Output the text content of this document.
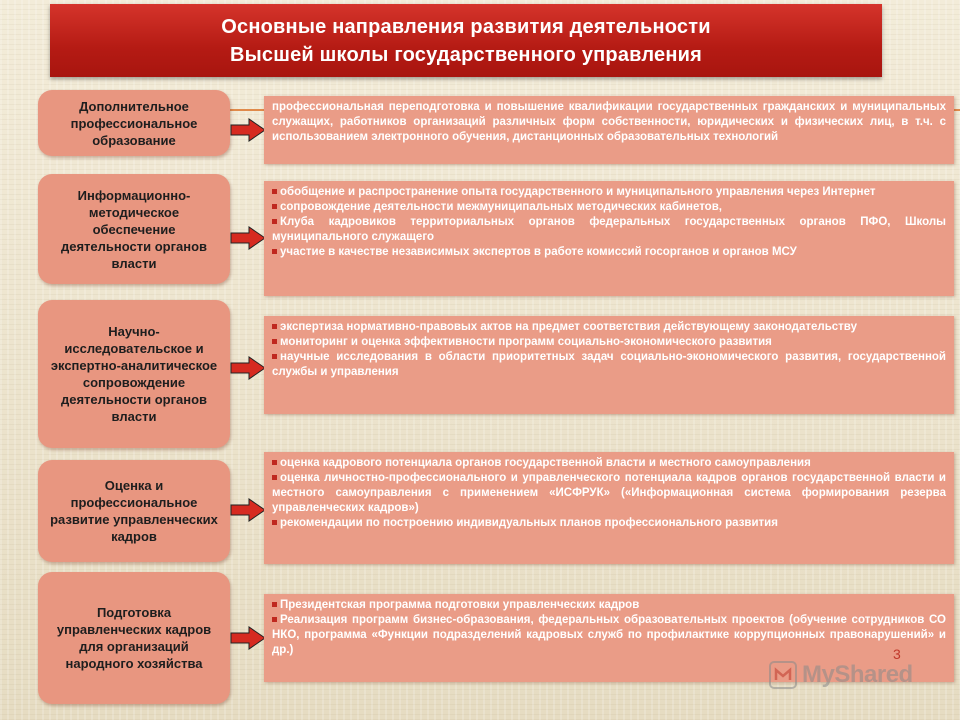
Основные направления развития деятельности
Высшей школы государственного управления
Дополнительное профессиональное образование

профессиональная переподготовка и повышение квалификации государственных гражданских и муниципальных служащих, работников организаций различных форм собственности, юридических и физических лиц, в т.ч. с использованием электронного обучения, дистанционных образовательных технологий

Информационно-методическое обеспечение деятельности органов власти
обобщение и распространение опыта государственного и муниципального управления через Интернет
сопровождение деятельности межмуниципальных методических кабинетов,
Клуба кадровиков территориальных органов федеральных государственных органов ПФО, Школы муниципального служащего
участие в качестве независимых экспертов в работе комиссий госорганов и органов МСУ
Научно-исследовательское и экспертно-аналитическое сопровождение деятельности органов власти
экспертиза нормативно-правовых актов на предмет соответствия действующему законодательству
мониторинг и оценка эффективности программ социально-экономического развития
научные исследования в области приоритетных задач социально-экономического развития, государственной службы и управления
Оценка и профессиональное развитие управленческих кадров
оценка кадрового потенциала органов государственной власти и местного самоуправления
оценка личностно-профессионального и управленческого потенциала кадров органов государственной власти и местного самоуправления с применением «ИСФРУК» («Информационная система формирования резерва управленческих кадров»)
рекомендации по построению индивидуальных планов профессионального развития
Подготовка управленческих кадров для организаций народного хозяйства
Президентская программа подготовки управленческих кадров
Реализация программ бизнес-образования, федеральных образовательных проектов (обучение сотрудников СО НКО, программа «Функции подразделений кадровых служб по профилактике коррупционных правонарушений» и др.)	3
MyShared
